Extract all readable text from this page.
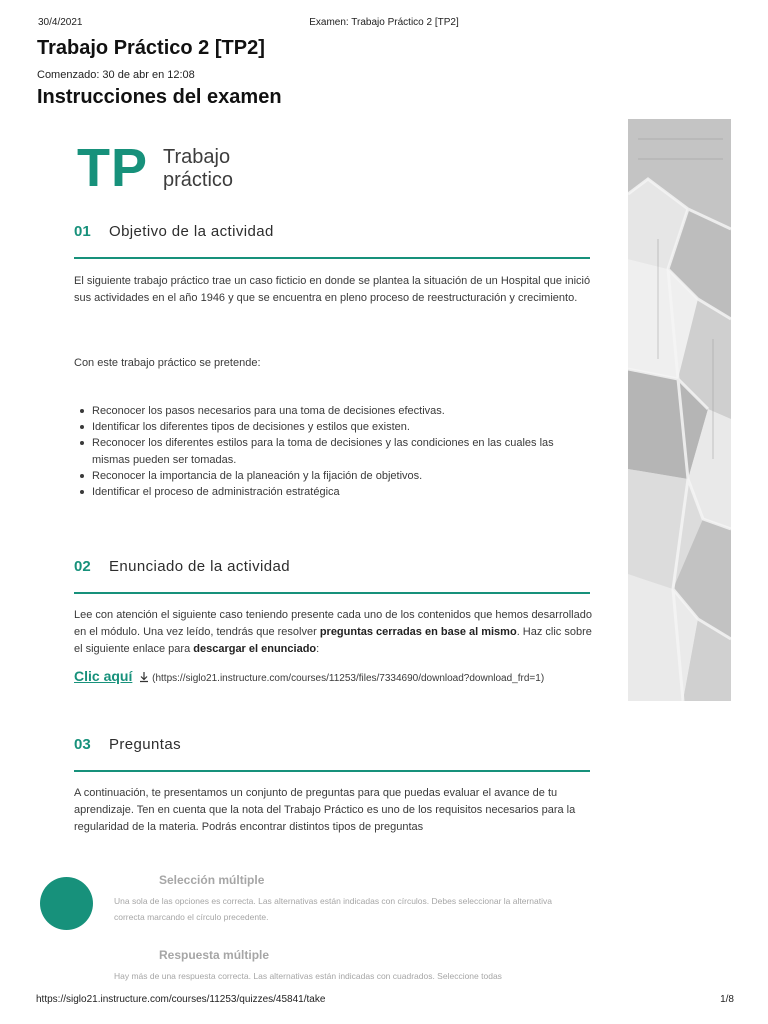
30/4/2021	Examen: Trabajo Práctico 2 [TP2]
Trabajo Práctico 2 [TP2]
Comenzado: 30 de abr en 12:08
Instrucciones del examen
TP Trabajo
práctico
01 Objetivo de la actividad

El siguiente trabajo práctico trae un caso ficticio en donde se plantea la situación de un Hospital que inició sus actividades en el año 1946 y que se encuentra en pleno proceso de reestructuración y crecimiento.

Con este trabajo práctico se pretende:

Reconocer los pasos necesarios para una toma de decisiones efectivas.
Identificar los diferentes tipos de decisiones y estilos que existen.
Reconocer los diferentes estilos para la toma de decisiones y las condiciones en las cuales las mismas pueden ser tomadas.
Reconocer la importancia de la planeación y la fijación de objetivos.
Identificar el proceso de administración estratégica
02 Enunciado de la actividad

Lee con atención el siguiente caso teniendo presente cada uno de los contenidos que hemos desarrollado en el módulo. Una vez leído, tendrás que resolver preguntas cerradas en base al mismo. Haz clic sobre el siguiente enlace para descargar el enunciado:

Clic aquí (https://siglo21.instructure.com/courses/11253/files/7334690/download?download_frd=1)
03 Preguntas

A continuación, te presentamos un conjunto de preguntas para que puedas evaluar el avance de tu aprendizaje. Ten en cuenta que la nota del Trabajo Práctico es uno de los requisitos necesarios para la regularidad de la materia. Podrás encontrar distintos tipos de preguntas

Selección múltiple

Una sola de las opciones es correcta. Las alternativas están indicadas con círculos. Debes seleccionar la alternativa correcta marcando el círculo precedente.

Respuesta múltiple

Hay más de una respuesta correcta. Las alternativas están indicadas con cuadrados. Seleccione todas

https://siglo21.instructure.com/courses/11253/quizzes/45841/take	1/8
